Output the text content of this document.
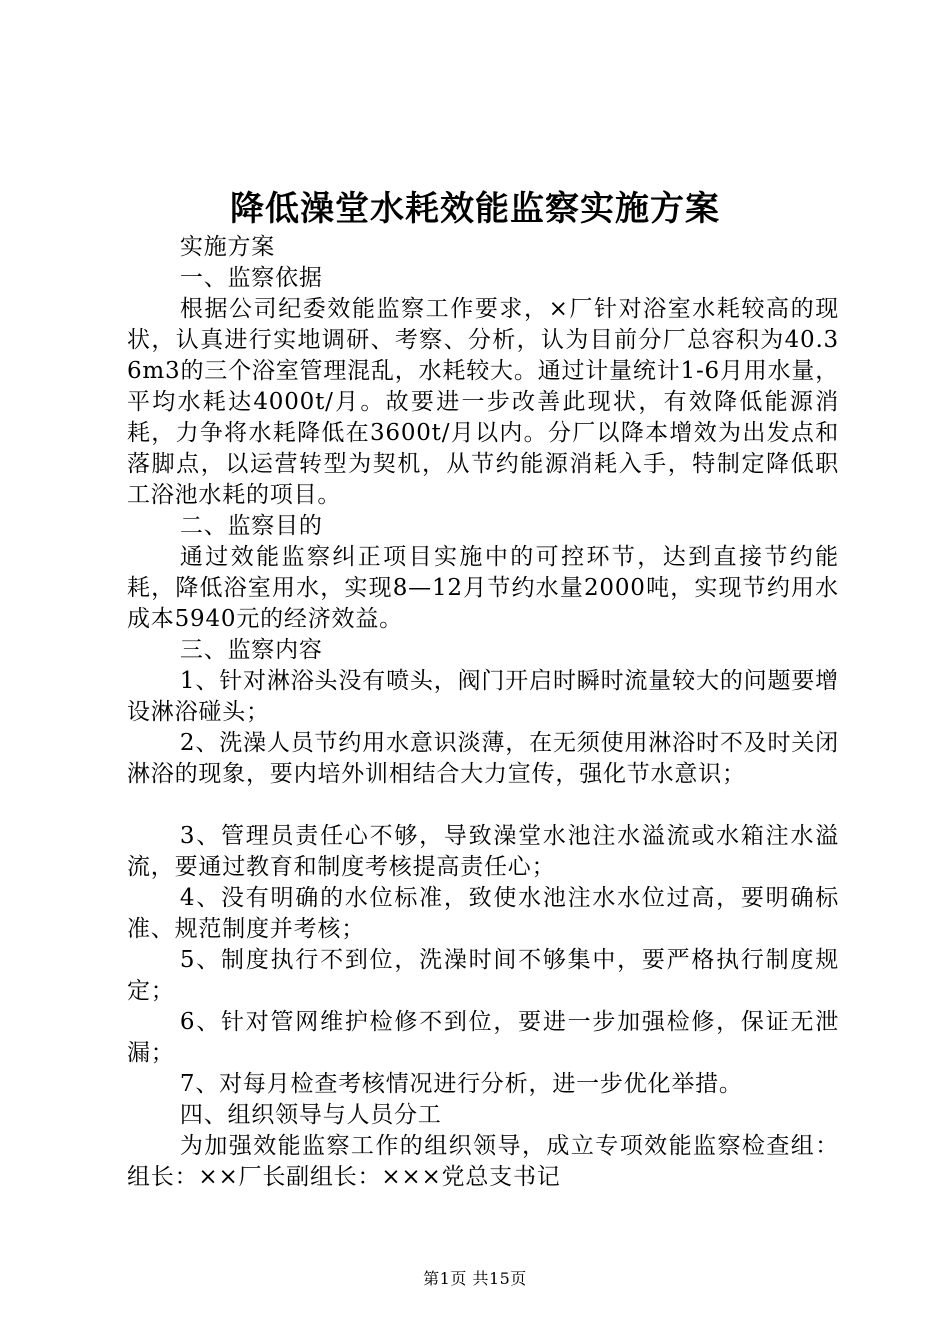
降低澡堂水耗效能监察实施方案

实施方案

一、监察依据

根据公司纪委效能监察工作要求，×厂针对浴室水耗较高的现状，认真进行实地调研、考察、分析，认为目前分厂总容积为40.36m3的三个浴室管理混乱，水耗较大。通过计量统计1-6月用水量，平均水耗达4000t/月。故要进一步改善此现状，有效降低能源消耗，力争将水耗降低在3600t/月以内。分厂以降本增效为出发点和落脚点，以运营转型为契机，从节约能源消耗入手，特制定降低职工浴池水耗的项目。

二、监察目的

通过效能监察纠正项目实施中的可控环节，达到直接节约能耗，降低浴室用水，实现8—12月节约水量2000吨，实现节约用水成本5940元的经济效益。

三、监察内容

1、针对淋浴头没有喷头，阀门开启时瞬时流量较大的问题要增设淋浴碰头；

2、洗澡人员节约用水意识淡薄，在无须使用淋浴时不及时关闭淋浴的现象，要内培外训相结合大力宣传，强化节水意识；

3、管理员责任心不够，导致澡堂水池注水溢流或水箱注水溢流，要通过教育和制度考核提高责任心；

4、没有明确的水位标准，致使水池注水水位过高，要明确标准、规范制度并考核；

5、制度执行不到位，洗澡时间不够集中，要严格执行制度规定；

6、针对管网维护检修不到位，要进一步加强检修，保证无泄漏；

7、对每月检查考核情况进行分析，进一步优化举措。

四、组织领导与人员分工

为加强效能监察工作的组织领导，成立专项效能监察检查组：组长：××厂长副组长：×××党总支书记

第1页 共15页
